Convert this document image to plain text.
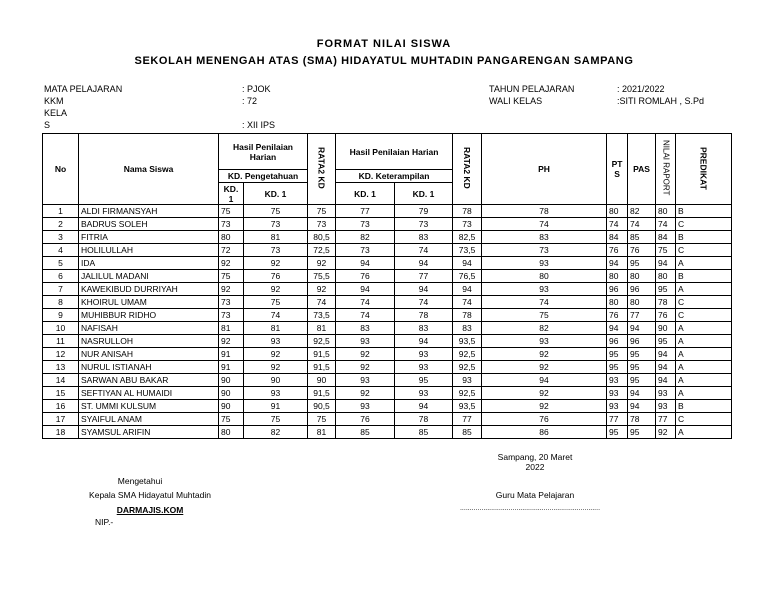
FORMAT NILAI SISWA
SEKOLAH MENENGAH ATAS (SMA) HIDAYATUL MUHTADIN PANGARENGAN SAMPANG
MATA PELAJARAN	: PJOK
KKM	: 72
KELA
S	: XII IPS
TAHUN PELAJARAN	: 2021/2022
WALI KELAS	:SITI ROMLAH , S.Pd
No	Nama Siswa	Hasil Penilaian Harian		RATA2 KD	Hasil Penilaian Harian		RATA2 KD	PH	PT S	PAS	NILAI RAPORT	PREDIKAT
		KD. Pengetahuan			KD. Keterampilan							
		KD. 1	KD. 1		KD. 1	KD. 1						
1	ALDI FIRMANSYAH	75	75	75	77	79	78	78	80	82	80	B
2	BADRUS SOLEH	73	73	73	73	73	73	74	74	74	74	C
3	FITRIA	80	81	80,5	82	83	82,5	83	84	85	84	B
4	HOLILULLAH	72	73	72,5	73	74	73,5	73	76	76	75	C
5	IDA	92	92	92	94	94	94	93	94	95	94	A
6	JALILUL MADANI	75	76	75,5	76	77	76,5	80	80	80	80	B
7	KAWEKIBUD DURRIYAH	92	92	92	94	94	94	93	96	96	95	A
8	KHOIRUL UMAM	73	75	74	74	74	74	74	80	80	78	C
9	MUHIBBUR RIDHO	73	74	73,5	74	78	78	75	76	77	76	C
10	NAFISAH	81	81	81	83	83	83	82	94	94	90	A
11	NASRULLOH	92	93	92,5	93	94	93,5	93	96	96	95	A
12	NUR ANISAH	91	92	91,5	92	93	92,5	92	95	95	94	A
13	NURUL ISTIANAH	91	92	91,5	92	93	92,5	92	95	95	94	A
14	SARWAN ABU BAKAR	90	90	90	93	95	93	94	93	95	94	A
15	SEFTIYAN AL HUMAIDI	90	93	91,5	92	93	92,5	92	93	94	93	A
16	ST. UMMI KULSUM	90	91	90,5	93	94	93,5	92	93	94	93	B
17	SYAIFUL ANAM	75	75	75	76	78	77	76	77	78	77	C
18	SYAMSUL ARIFIN	80	82	81	85	85	85	86	95	95	92	A
Sampang, 20 Maret
2022
Mengetahui
Kepala SMA Hidayatul Muhtadin	Guru Mata Pelajaran
DARMAJIS.KOM	........................................................................
NIP.-
